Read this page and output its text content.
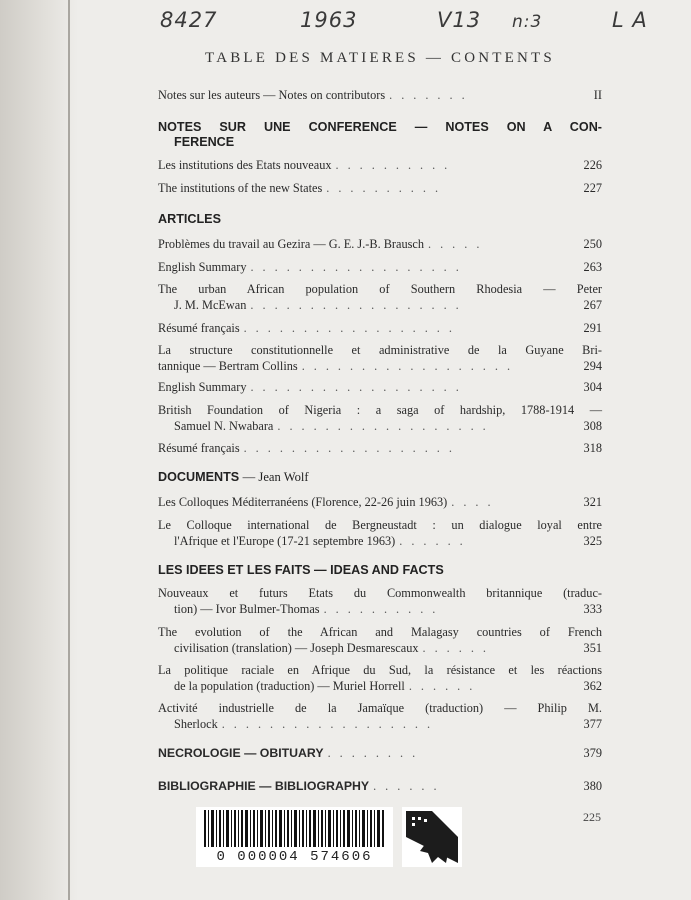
8427	1963	V13 n:3	L A
TABLE DES MATIERES — CONTENTS
Notes sur les auteurs — Notes on contributors .......	II
NOTES SUR UNE CONFERENCE — NOTES ON A CON-
FERENCE
Les institutions des Etats nouveaux ..........	226
The institutions of the new States ..........	227
ARTICLES
Problèmes du travail au Gezira — G. E. J.-B. Brausch .....	250
English Summary ..................	263
The urban African population of Southern Rhodesia — Peter
J. M. McEwan ..................	267
Résumé français ..................	291
La structure constitutionnelle et administrative de la Guyane Bri-
tannique — Bertram Collins ..................	294
English Summary ..................	304
British Foundation of Nigeria : a saga of hardship, 1788-1914 —
Samuel N. Nwabara ..................	308
Résumé français ..................	318
DOCUMENTS — Jean Wolf
Les Colloques Méditerranéens (Florence, 22-26 juin 1963) ....	321
Le Colloque international de Bergneustadt : un dialogue loyal entre
l'Afrique et l'Europe (17-21 septembre 1963) ......	325
LES IDEES ET LES FAITS — IDEAS AND FACTS
Nouveaux et futurs Etats du Commonwealth britannique (traduc-
tion) — Ivor Bulmer-Thomas ..........	333
The evolution of the African and Malagasy countries of French
civilisation (translation) — Joseph Desmarescaux ......	351
La politique raciale en Afrique du Sud, la résistance et les réactions
de la population (traduction) — Muriel Horrell ......	362
Activité industrielle de la Jamaïque (traduction) — Philip M.
Sherlock ..................	377
NECROLOGIE — OBITUARY ........	379
BIBLIOGRAPHIE — BIBLIOGRAPHY ......	380
225
0 000004 574606
